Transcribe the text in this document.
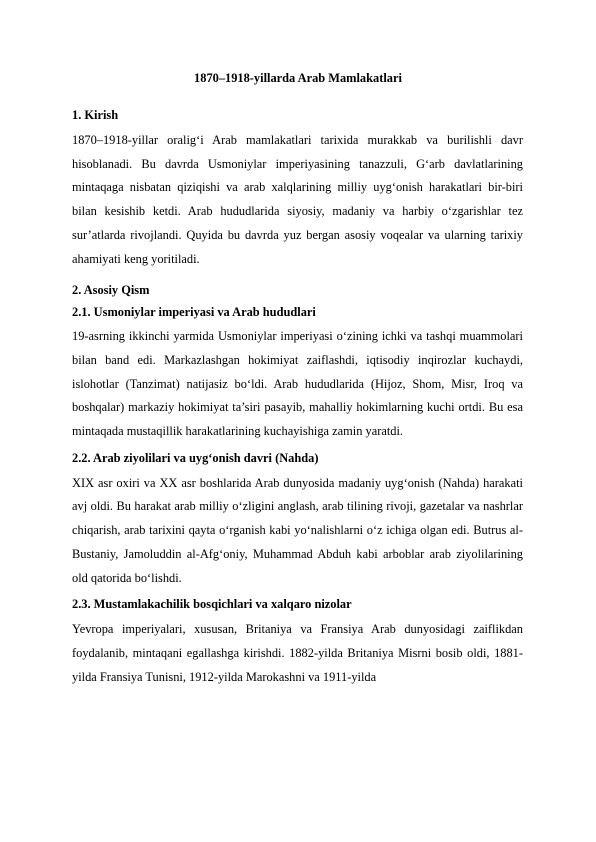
1870–1918-yillarda Arab Mamlakatlari
1. Kirish

1870–1918-yillar oralig‘i Arab mamlakatlari tarixida murakkab va burilishli davr hisoblanadi. Bu davrda Usmoniylar imperiyasining tanazzuli, G‘arb davlatlarining mintaqaga nisbatan qiziqishi va arab xalqlarining milliy uyg‘onish harakatlari bir-biri bilan kesishib ketdi. Arab hududlarida siyosiy, madaniy va harbiy o‘zgarishlar tez sur’atlarda rivojlandi. Quyida bu davrda yuz bergan asosiy voqealar va ularning tarixiy ahamiyati keng yoritiladi.

2. Asosiy Qism
2.1. Usmoniylar imperiyasi va Arab hududlari

19-asrning ikkinchi yarmida Usmoniylar imperiyasi o‘zining ichki va tashqi muammolari bilan band edi. Markazlashgan hokimiyat zaiflashdi, iqtisodiy inqirozlar kuchaydi, islohotlar (Tanzimat) natijasiz bo‘ldi. Arab hududlarida (Hijoz, Shom, Misr, Iroq va boshqalar) markaziy hokimiyat ta’siri pasayib, mahalliy hokimlarning kuchi ortdi. Bu esa mintaqada mustaqillik harakatlarining kuchayishiga zamin yaratdi.

2.2. Arab ziyolilari va uyg‘onish davri (Nahda)

XIX asr oxiri va XX asr boshlarida Arab dunyosida madaniy uyg‘onish (Nahda) harakati avj oldi. Bu harakat arab milliy o‘zligini anglash, arab tilining rivoji, gazetalar va nashrlar chiqarish, arab tarixini qayta o‘rganish kabi yo‘nalishlarni o‘z ichiga olgan edi. Butrus al-Bustaniy, Jamoluddin al-Afg‘oniy, Muhammad Abduh kabi arboblar arab ziyolilarining old qatorida bo‘lishdi.

2.3. Mustamlakachilik bosqichlari va xalqaro nizolar

Yevropa imperiyalari, xususan, Britaniya va Fransiya Arab dunyosidagi zaiflikdan foydalanib, mintaqani egallashga kirishdi. 1882-yilda Britaniya Misrni bosib oldi, 1881-yilda Fransiya Tunisni, 1912-yilda Marokashni va 1911-yilda
